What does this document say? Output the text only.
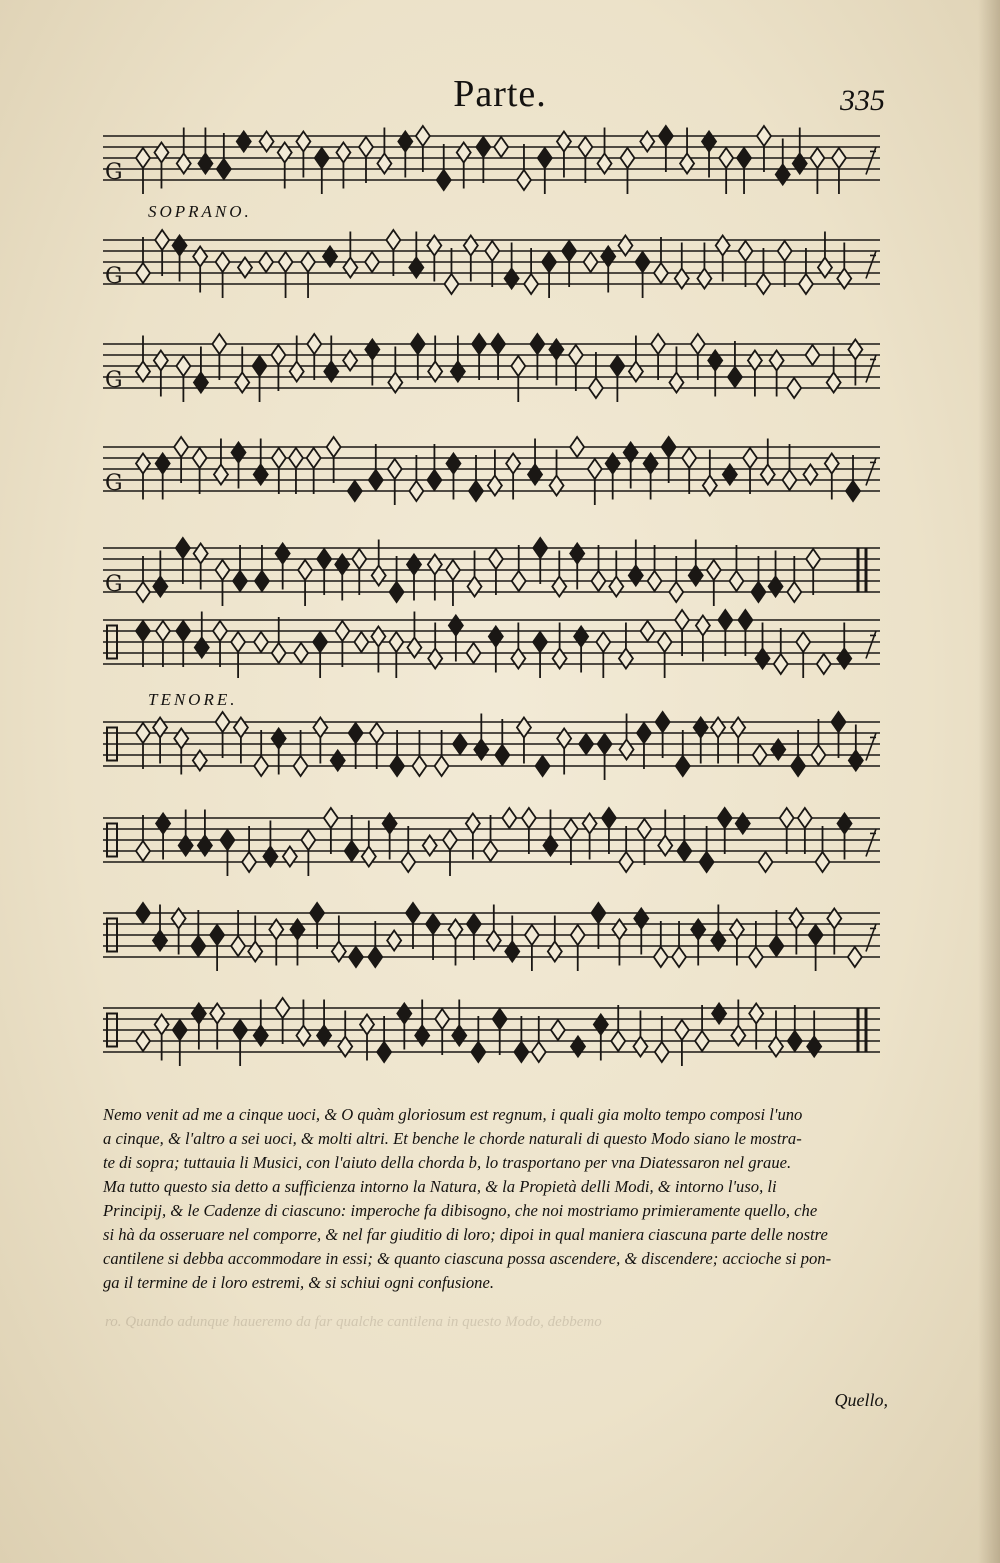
ro. Quando adunque haueremo da far qualche cantilena in questo Modo, debbemo
Parte.	335
G
G
G
G
G
SOPRANO.
TENORE.
Nemo venit ad me a cinque uoci, & O quàm gloriosum est regnum, i quali gia molto tempo composi l'uno
a cinque, & l'altro a sei uoci, & molti altri. Et benche le chorde naturali di questo Modo siano le mostra-
te di sopra; tuttauia li Musici, con l'aiuto della chorda b, lo trasportano per vna Diatessaron nel graue.
Ma tutto questo sia detto a sufficienza intorno la Natura, & la Propietà delli Modi, & intorno l'uso, li
Principij, & le Cadenze di ciascuno: imperoche fa dibisogno, che noi mostriamo primieramente quello, che
si hà da osseruare nel comporre, & nel far giuditio di loro; dipoi in qual maniera ciascuna parte delle nostre
cantilene si debba accommodare in essi; & quanto ciascuna possa ascendere, & discendere; accioche si pon-
ga il termine de i loro estremi, & si schiui ogni confusione.
Quello,
